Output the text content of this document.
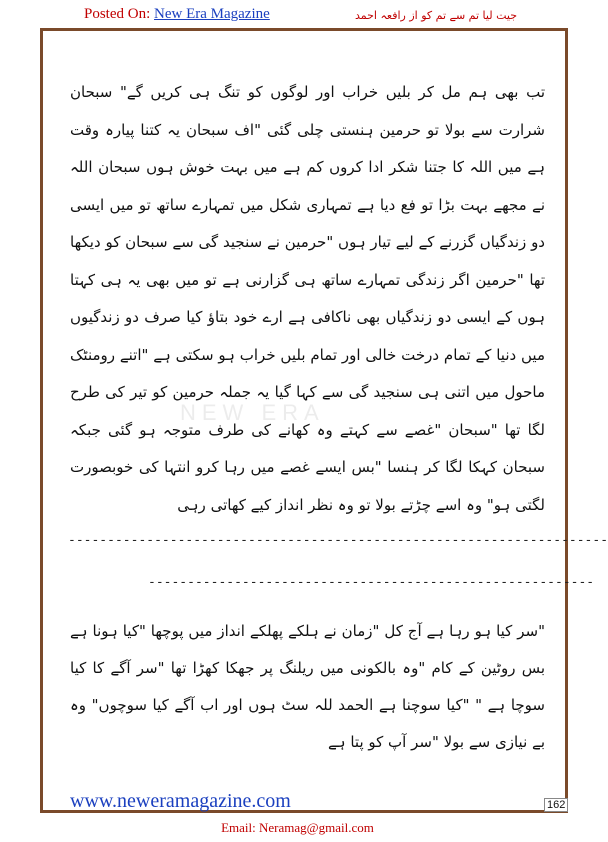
Posted On: New Era Magazine	جیت لیا تم سے تم کو از رافعہ احمد
NEW ERA
تب بھی ہم مل کر بلیں خراب اور لوگوں کو تنگ ہی کریں گے" سبحان شرارت سے بولا تو حرمین ہنستی چلی گئی "اف سبحان یہ کتنا پیارہ وقت ہے میں اللہ کا جتنا شکر ادا کروں کم ہے میں بہت خوش ہوں سبحان اللہ نے مجھے بہت بڑا تو فع دیا ہے تمہاری شکل میں تمہارے ساتھ تو میں ایسی دو زندگیاں گزرنے کے لیے تیار ہوں "حرمین نے سنجید گی سے سبحان کو دیکھا تھا "حرمین اگر زندگی تمہارے ساتھ ہی گزارنی ہے تو میں بھی یہ ہی کہتا ہوں کے ایسی دو زندگیاں بھی ناکافی ہے ارے خود بتاؤ کیا صرف دو زندگیوں میں دنیا کے تمام درخت خالی اور تمام بلیں خراب ہو سکتی ہے "اتنے رومنٹک ماحول میں اتنی ہی سنجید گی سے کہا گیا یہ جملہ حرمین کو تیر کی طرح لگا تھا "سبحان "غصے سے کہتے وہ کھانے کی طرف متوجہ ہو گئی جبکہ سبحان کہکا لگا کر ہنسا "بس ایسے غصے میں رہا کرو انتہا کی خوبصورت لگتی ہو" وہ اسے چڑتے بولا تو وہ نظر انداز کیے کھاتی رہی
---------------------------------------------------------------------
---------------------------------------------------------
"سر کیا ہو رہا ہے آج کل "زمان نے ہلکے پھلکے انداز میں پوچھا "کیا ہونا ہے بس روٹین کے کام "وہ بالکونی میں ریلنگ پر جھکا کھڑا تھا "سر آگے کا کیا سوچا ہے " "کیا سوچنا ہے الحمد للہ سٹ ہوں اور اب آگے کیا سوچوں" وہ بے نیازی سے بولا "سر آپ کو پتا ہے
www.neweramagazine.com	162
Email: Neramag@gmail.com
